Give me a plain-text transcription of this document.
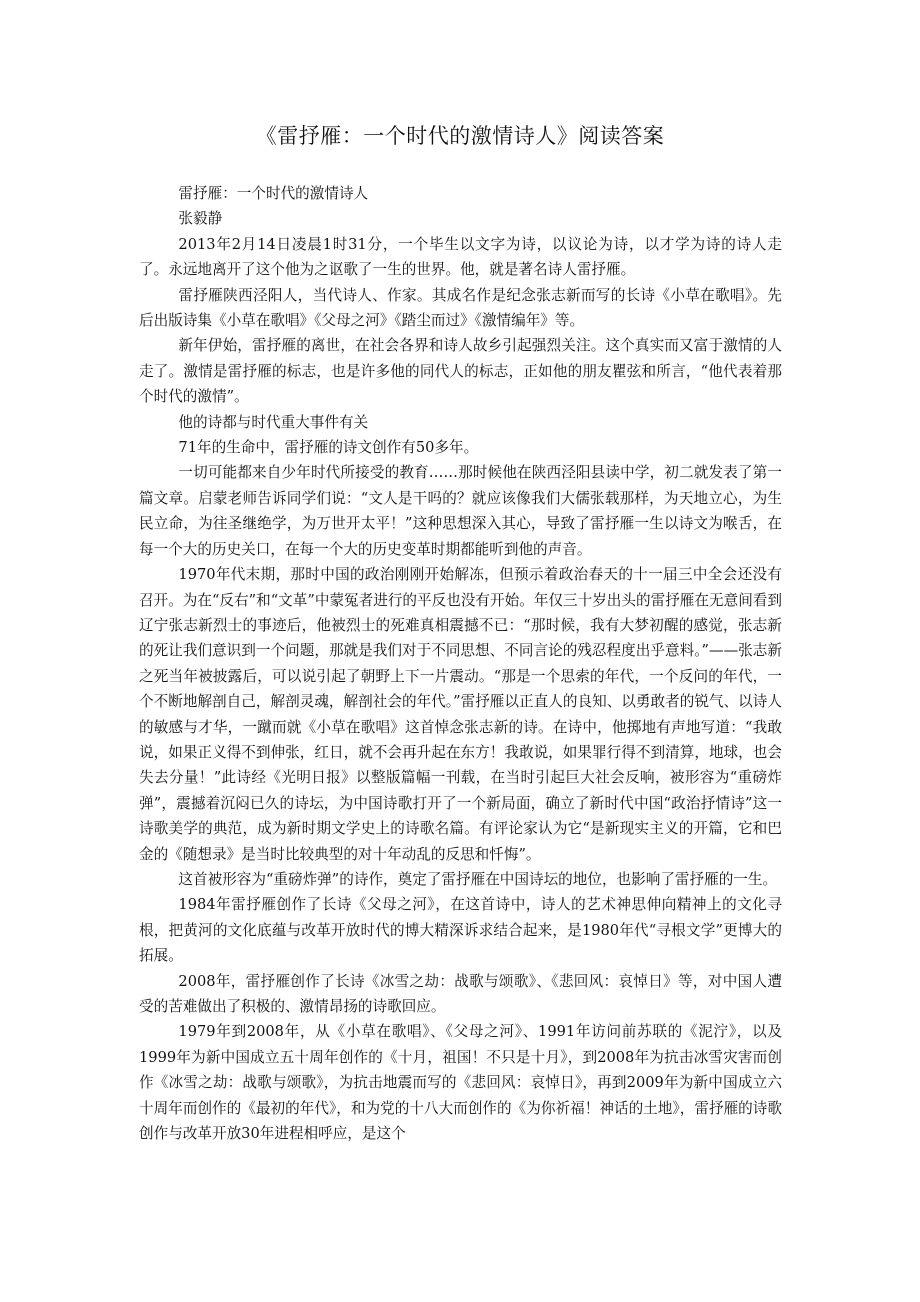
《雷抒雁：一个时代的激情诗人》阅读答案

雷抒雁：一个时代的激情诗人

张毅静

2013年2月14日凌晨1时31分，一个毕生以文字为诗，以议论为诗，以才学为诗的诗人走了。永远地离开了这个他为之讴歌了一生的世界。他，就是著名诗人雷抒雁。

雷抒雁陕西泾阳人，当代诗人、作家。其成名作是纪念张志新而写的长诗《小草在歌唱》。先后出版诗集《小草在歌唱》《父母之河》《踏尘而过》《激情编年》等。

新年伊始，雷抒雁的离世，在社会各界和诗人故乡引起强烈关注。这个真实而又富于激情的人走了。激情是雷抒雁的标志，也是许多他的同代人的标志，正如他的朋友瞿弦和所言，“他代表着那个时代的激情”。

他的诗都与时代重大事件有关

71年的生命中，雷抒雁的诗文创作有50多年。

一切可能都来自少年时代所接受的教育……那时候他在陕西泾阳县读中学，初二就发表了第一篇文章。启蒙老师告诉同学们说：“文人是干吗的？就应该像我们大儒张载那样，为天地立心，为生民立命，为往圣继绝学，为万世开太平！”这种思想深入其心，导致了雷抒雁一生以诗文为喉舌，在每一个大的历史关口，在每一个大的历史变革时期都能听到他的声音。

1970年代末期，那时中国的政治刚刚开始解冻，但预示着政治春天的十一届三中全会还没有召开。为在“反右”和“文革”中蒙冤者进行的平反也没有开始。年仅三十岁出头的雷抒雁在无意间看到辽宁张志新烈士的事迹后，他被烈士的死难真相震撼不已：“那时候，我有大梦初醒的感觉，张志新的死让我们意识到一个问题，那就是我们对于不同思想、不同言论的残忍程度出乎意料。”——张志新之死当年被披露后，可以说引起了朝野上下一片震动。“那是一个思索的年代，一个反问的年代，一个不断地解剖自己，解剖灵魂，解剖社会的年代。”雷抒雁以正直人的良知、以勇敢者的锐气、以诗人的敏感与才华，一蹴而就《小草在歌唱》这首悼念张志新的诗。在诗中，他掷地有声地写道：“我敢说，如果正义得不到伸张，红日，就不会再升起在东方！我敢说，如果罪行得不到清算，地球，也会失去分量！”此诗经《光明日报》以整版篇幅一刊载，在当时引起巨大社会反响，被形容为“重磅炸弹”，震撼着沉闷已久的诗坛，为中国诗歌打开了一个新局面，确立了新时代中国“政治抒情诗”这一诗歌美学的典范，成为新时期文学史上的诗歌名篇。有评论家认为它“是新现实主义的开篇，它和巴金的《随想录》是当时比较典型的对十年动乱的反思和忏悔”。

这首被形容为“重磅炸弹”的诗作，奠定了雷抒雁在中国诗坛的地位，也影响了雷抒雁的一生。

1984年雷抒雁创作了长诗《父母之河》，在这首诗中，诗人的艺术神思伸向精神上的文化寻根，把黄河的文化底蕴与改革开放时代的博大精深诉求结合起来，是1980年代“寻根文学”更博大的拓展。

2008年，雷抒雁创作了长诗《冰雪之劫：战歌与颂歌》、《悲回风：哀悼日》等，对中国人遭受的苦难做出了积极的、激情昂扬的诗歌回应。

1979年到2008年，从《小草在歌唱》、《父母之河》、1991年访问前苏联的《泥泞》，以及1999年为新中国成立五十周年创作的《十月，祖国！不只是十月》，到2008年为抗击冰雪灾害而创作《冰雪之劫：战歌与颂歌》，为抗击地震而写的《悲回风：哀悼日》，再到2009年为新中国成立六十周年而创作的《最初的年代》，和为党的十八大而创作的《为你祈福！神话的土地》，雷抒雁的诗歌创作与改革开放30年进程相呼应，是这个
